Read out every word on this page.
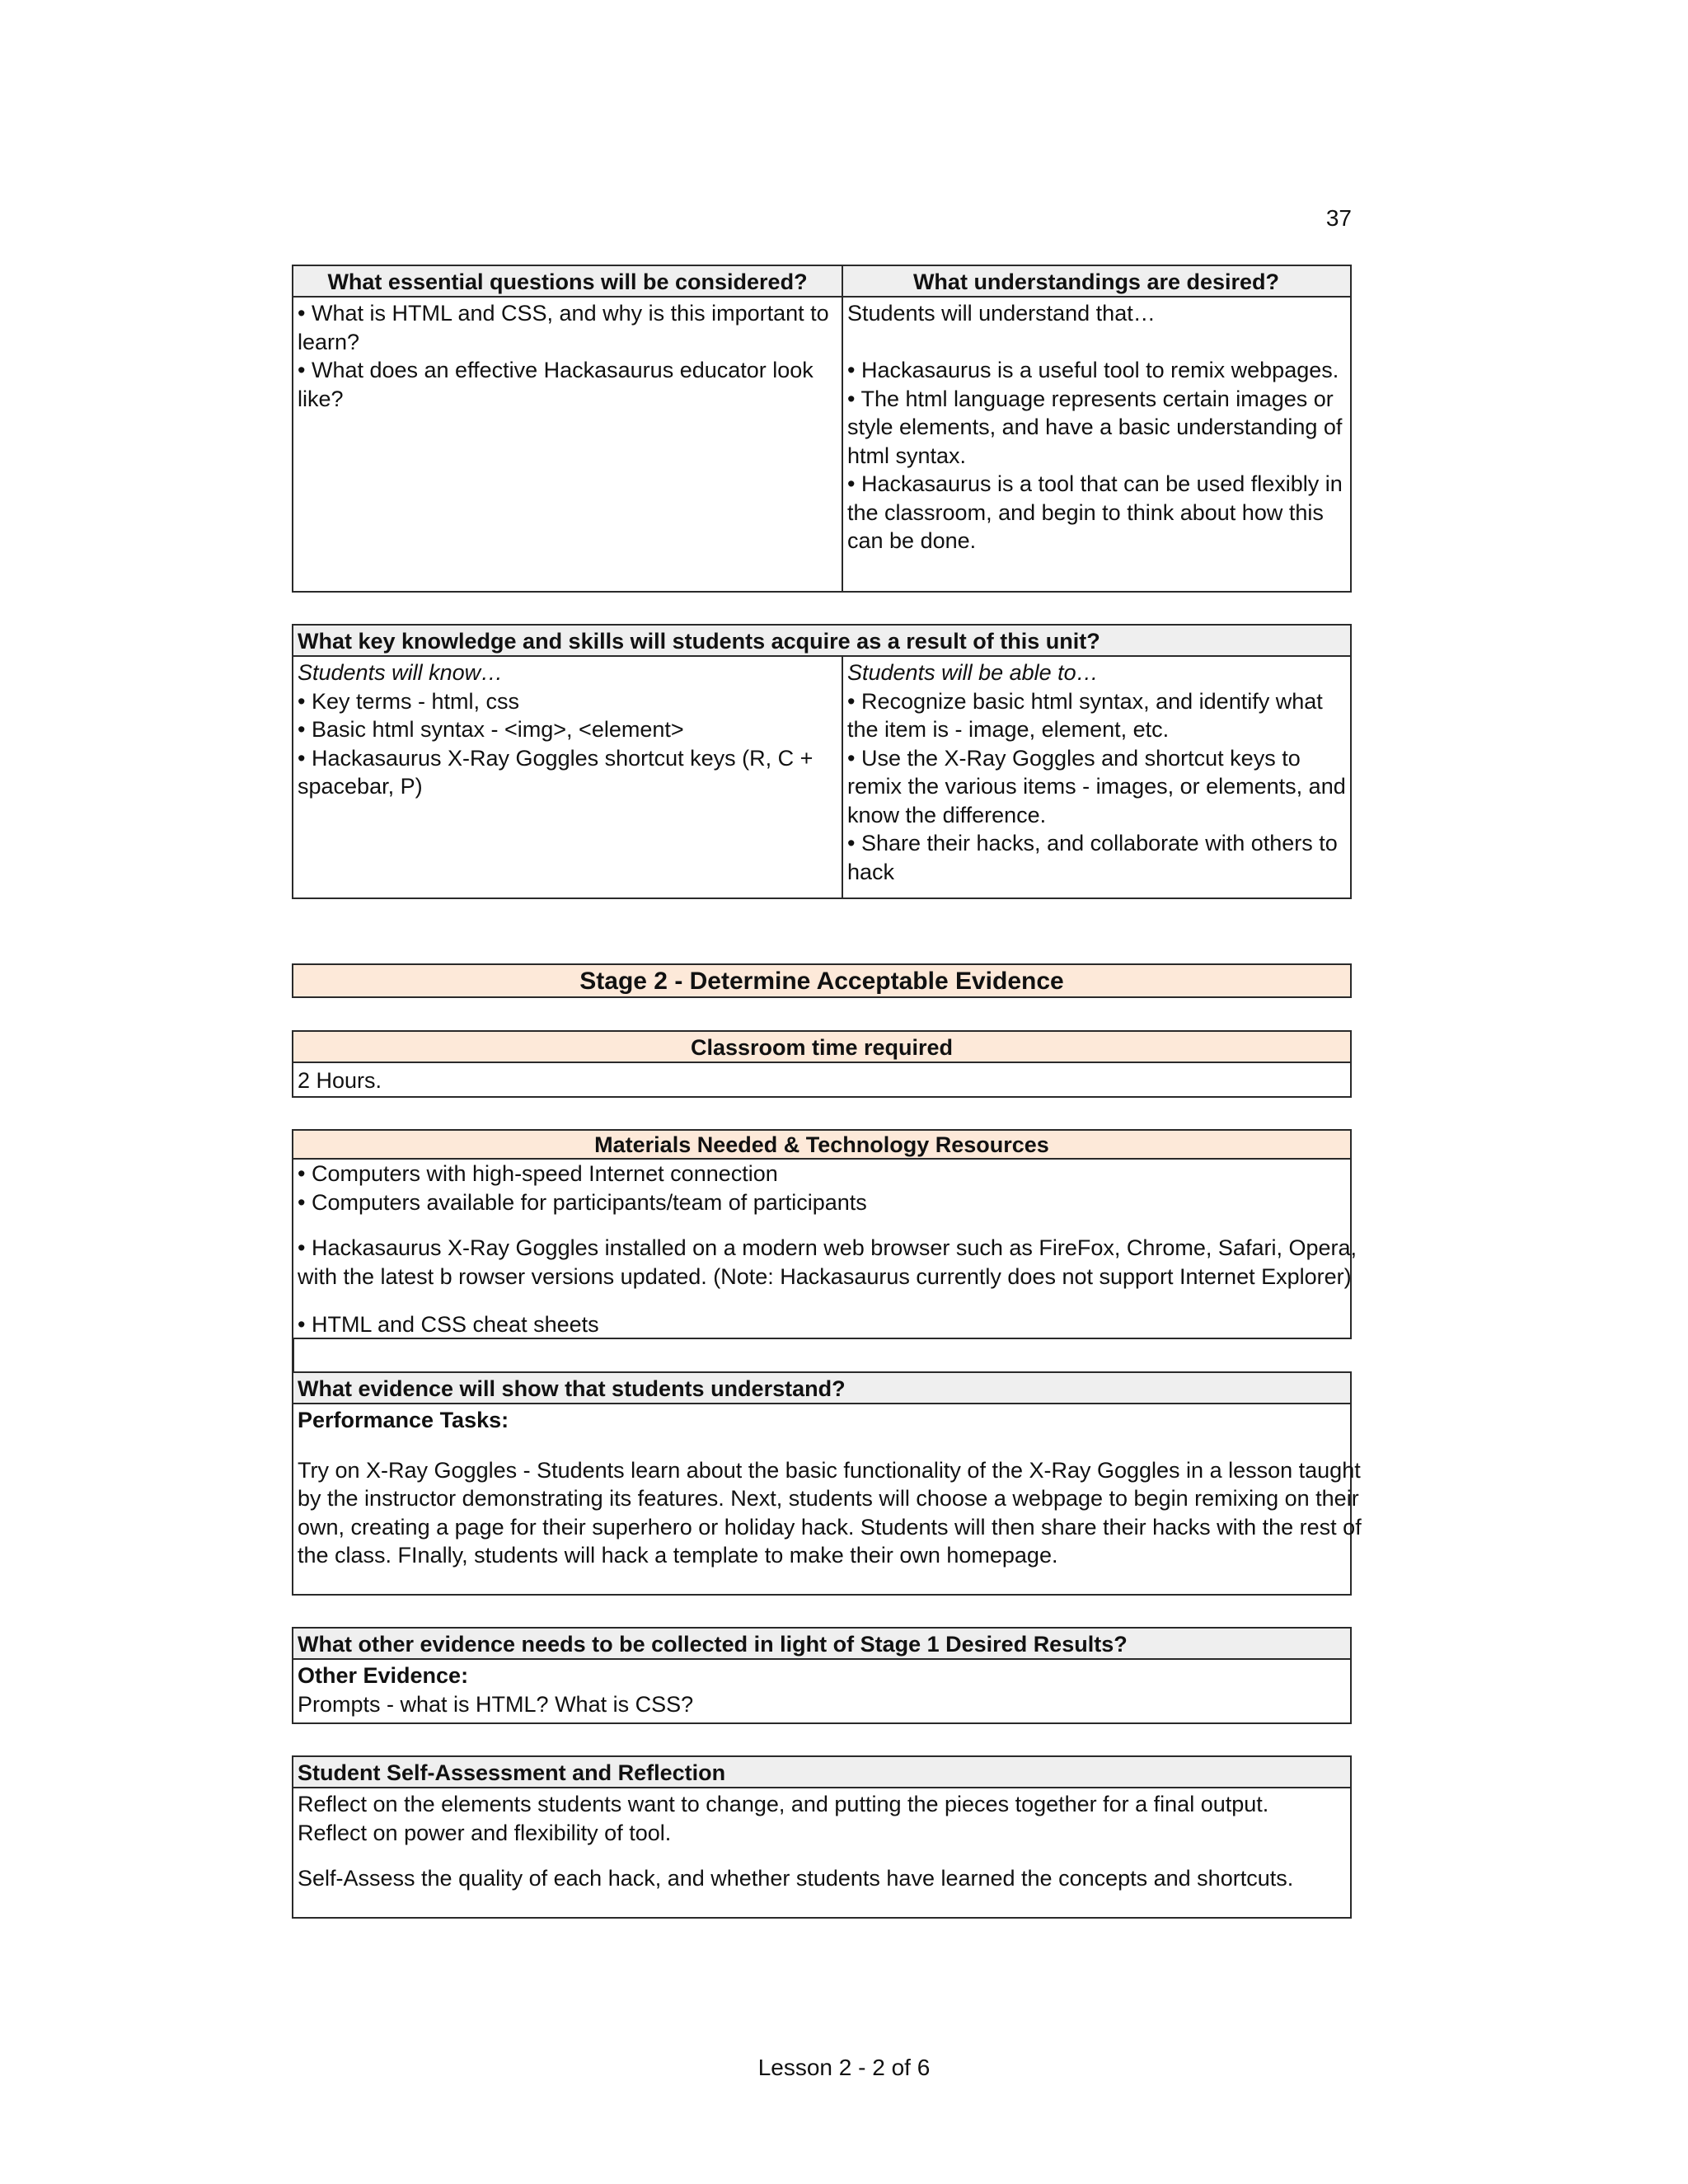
37
What essential questions will be considered?	What understandings are desired?
• What is HTML and CSS, and why is this important to
learn?
• What does an effective Hackasaurus educator look
like?
Students will understand that…
• Hackasaurus is a useful tool to remix webpages.
• The html language represents certain images or
style elements, and have a basic understanding of
html syntax.
• Hackasaurus is a tool that can be used flexibly in
the classroom, and begin to think about how this
can be done.
What key knowledge and skills will students acquire as a result of this unit?
Students will know…
• Key terms - html, css
• Basic html syntax - <img>, <element>
• Hackasaurus X-Ray Goggles shortcut keys (R, C +
spacebar, P)
Students will be able to…
• Recognize basic html syntax, and identify what
the item is - image, element, etc.
• Use the X-Ray Goggles and shortcut keys to
remix the various items - images, or elements, and
know the difference.
• Share their hacks, and collaborate with others to
hack
Stage 2 - Determine Acceptable Evidence
Classroom time required
2 Hours.
Materials Needed & Technology Resources
• Computers with high-speed Internet connection
• Computers available for participants/team of participants
• Hackasaurus X-Ray Goggles installed on a modern web browser such as FireFox, Chrome, Safari, Opera,
with the latest b rowser versions updated. (Note: Hackasaurus currently does not support Internet Explorer)
• HTML and CSS cheat sheets
What evidence will show that students understand?
Performance Tasks:
Try on X-Ray Goggles - Students learn about the basic functionality of the X-Ray Goggles in a lesson taught
by the instructor demonstrating its features. Next, students will choose a webpage to begin remixing on their
own, creating a page for their superhero or holiday hack. Students will then share their hacks with the rest of
the class. FInally, students will hack a template to make their own homepage.
What other evidence needs to be collected in light of Stage 1 Desired Results?
Other Evidence:
Prompts - what is HTML? What is CSS?
Student Self-Assessment and Reflection
Reflect on the elements students want to change, and putting the pieces together for a final output.
Reflect on power and flexibility of tool.
Self-Assess the quality of each hack, and whether students have learned the concepts and shortcuts.
Lesson 2 - 2 of 6
